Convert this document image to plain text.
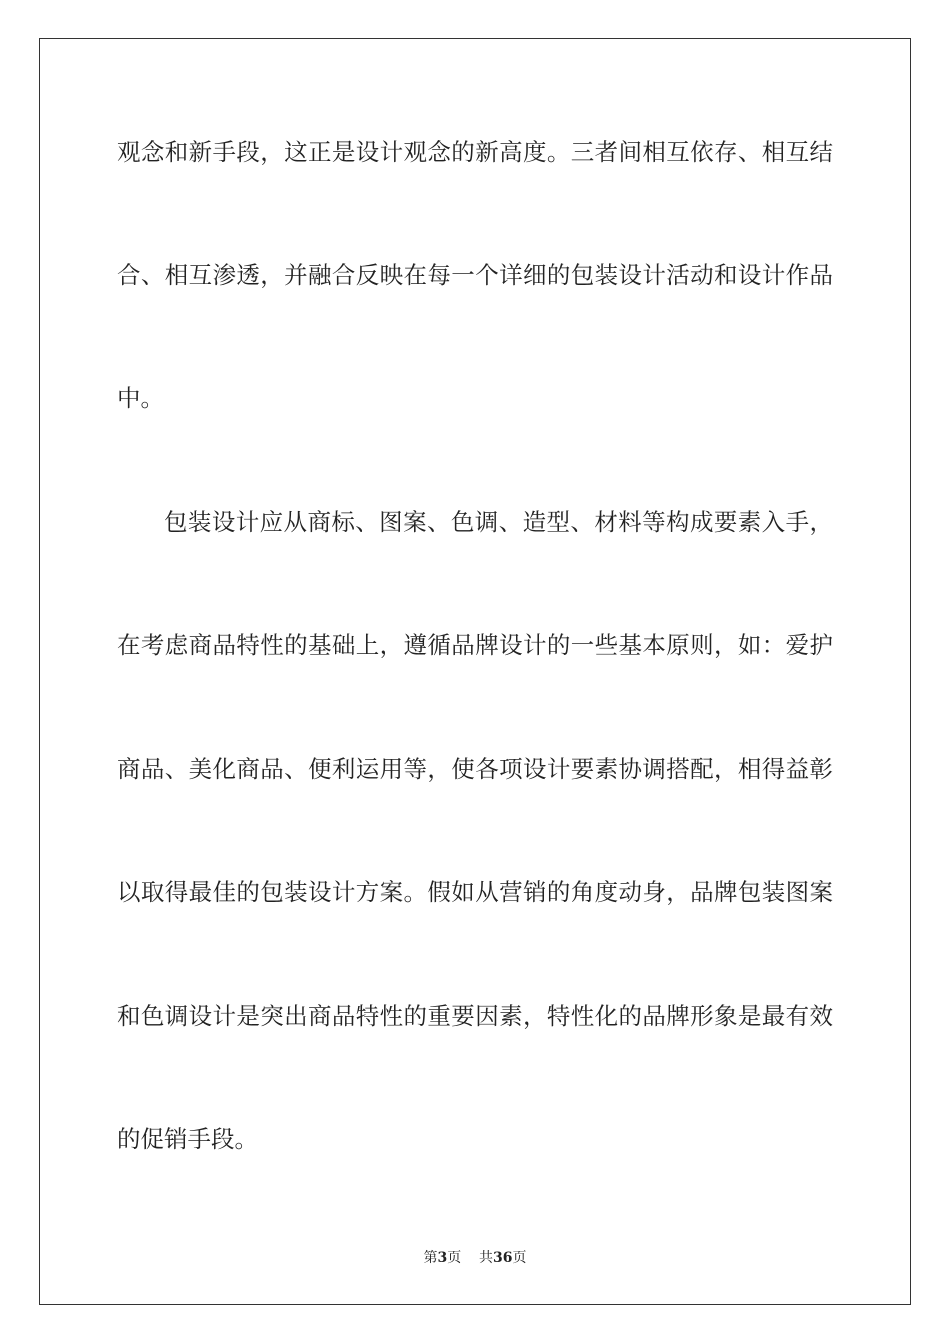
观念和新手段，这正是设计观念的新高度。三者间相互依存、相互结
合、相互渗透，并融合反映在每一个详细的包装设计活动和设计作品
中。
包装设计应从商标、图案、色调、造型、材料等构成要素入手，
在考虑商品特性的基础上，遵循品牌设计的一些基本原则，如：爱护
商品、美化商品、便利运用等，使各项设计要素协调搭配，相得益彰
以取得最佳的包装设计方案。假如从营销的角度动身，品牌包装图案
和色调设计是突出商品特性的重要因素，特性化的品牌形象是最有效
的促销手段。
第3页 共36页
